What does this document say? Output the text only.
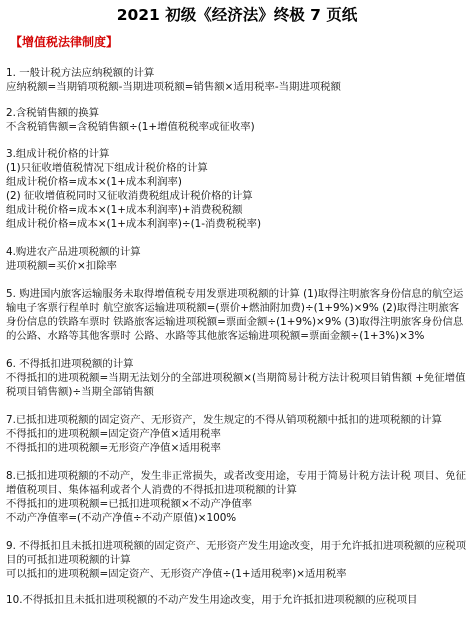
2021 初级《经济法》终极 7 页纸
【增值税法律制度】
1. 一般计税方法应纳税额的计算
应纳税额=当期销项税额-当期进项税额=销售额×适用税率-当期进项税额
2.含税销售额的换算
不含税销售额=含税销售额÷(1+增值税税率或征收率)
3.组成计税价格的计算
(1)只征收增值税情况下组成计税价格的计算
组成计税价格=成本×(1+成本利润率)
(2) 征收增值税同时又征收消费税组成计税价格的计算
组成计税价格=成本×(1+成本利润率)+消费税税额
组成计税价格=成本×(1+成本利润率)÷(1-消费税税率)
4.购进农产品进项税额的计算
进项税额=买价×扣除率
5. 购进国内旅客运输服务未取得增值税专用发票进项税额的计算 (1)取得注明旅客身份信息的航空运输电子客票行程单时 航空旅客运输进项税额=(票价+燃油附加费)÷(1+9%)×9% (2)取得注明旅客身份信息的铁路车票时 铁路旅客运输进项税额=票面金额÷(1+9%)×9% (3)取得注明旅客身份信息的公路、水路等其他客票时 公路、水路等其他旅客运输进项税额=票面金额÷(1+3%)×3%
6. 不得抵扣进项税额的计算
不得抵扣的进项税额=当期无法划分的全部进项税额×(当期简易计税方法计税项目销售额 +免征增值税项目销售额)÷当期全部销售额
7.已抵扣进项税额的固定资产、无形资产，发生规定的不得从销项税额中抵扣的进项税额的计算
不得抵扣的进项税额=固定资产净值×适用税率
不得抵扣的进项税额=无形资产净值×适用税率
8.已抵扣进项税额的不动产，发生非正常损失，或者改变用途，专用于简易计税方法计税 项目、免征增值税项目、集体福利或者个人消费的不得抵扣进项税额的计算
不得抵扣的进项税额=已抵扣进项税额×不动产净值率
不动产净值率=(不动产净值÷不动产原值)×100%
9. 不得抵扣且未抵扣进项税额的固定资产、无形资产发生用途改变，用于允许抵扣进项税额的应税项目的可抵扣进项税额的计算
可以抵扣的进项税额=固定资产、无形资产净值÷(1+适用税率)×适用税率
10.不得抵扣且未抵扣进项税额的不动产发生用途改变，用于允许抵扣进项税额的应税项目
